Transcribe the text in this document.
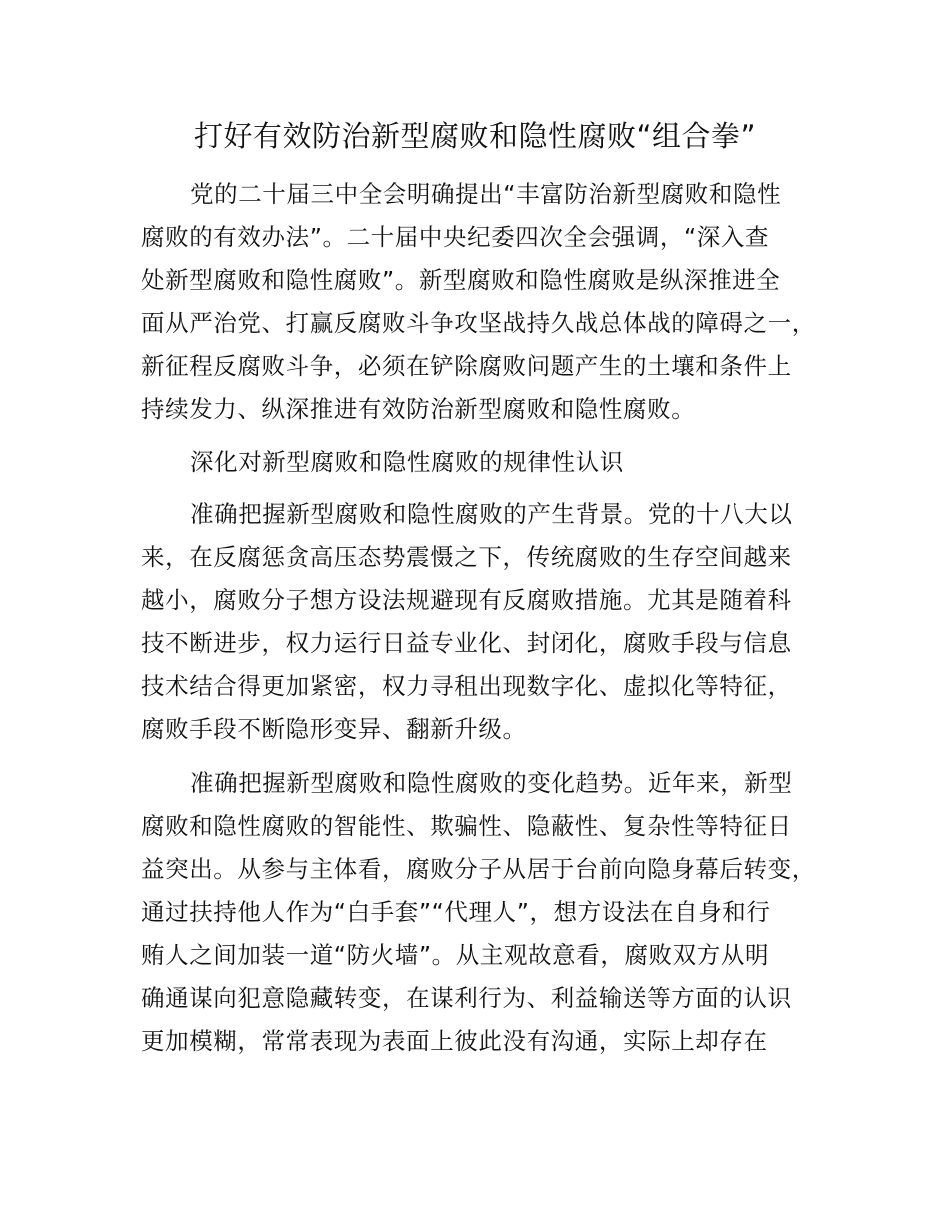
打好有效防治新型腐败和隐性腐败“组合拳”
党的二十届三中全会明确提出“丰富防治新型腐败和隐性
腐败的有效办法”。二十届中央纪委四次全会强调，“深入查
处新型腐败和隐性腐败”。新型腐败和隐性腐败是纵深推进全
面从严治党、打赢反腐败斗争攻坚战持久战总体战的障碍之一，
新征程反腐败斗争，必须在铲除腐败问题产生的土壤和条件上
持续发力、纵深推进有效防治新型腐败和隐性腐败。
深化对新型腐败和隐性腐败的规律性认识
准确把握新型腐败和隐性腐败的产生背景。党的十八大以
来，在反腐惩贪高压态势震慑之下，传统腐败的生存空间越来
越小，腐败分子想方设法规避现有反腐败措施。尤其是随着科
技不断进步，权力运行日益专业化、封闭化，腐败手段与信息
技术结合得更加紧密，权力寻租出现数字化、虚拟化等特征，
腐败手段不断隐形变异、翻新升级。
准确把握新型腐败和隐性腐败的变化趋势。近年来，新型
腐败和隐性腐败的智能性、欺骗性、隐蔽性、复杂性等特征日
益突出。从参与主体看，腐败分子从居于台前向隐身幕后转变，
通过扶持他人作为“白手套”“代理人”，想方设法在自身和行
贿人之间加装一道“防火墙”。从主观故意看，腐败双方从明
确通谋向犯意隐藏转变，在谋利行为、利益输送等方面的认识
更加模糊，常常表现为表面上彼此没有沟通，实际上却存在
